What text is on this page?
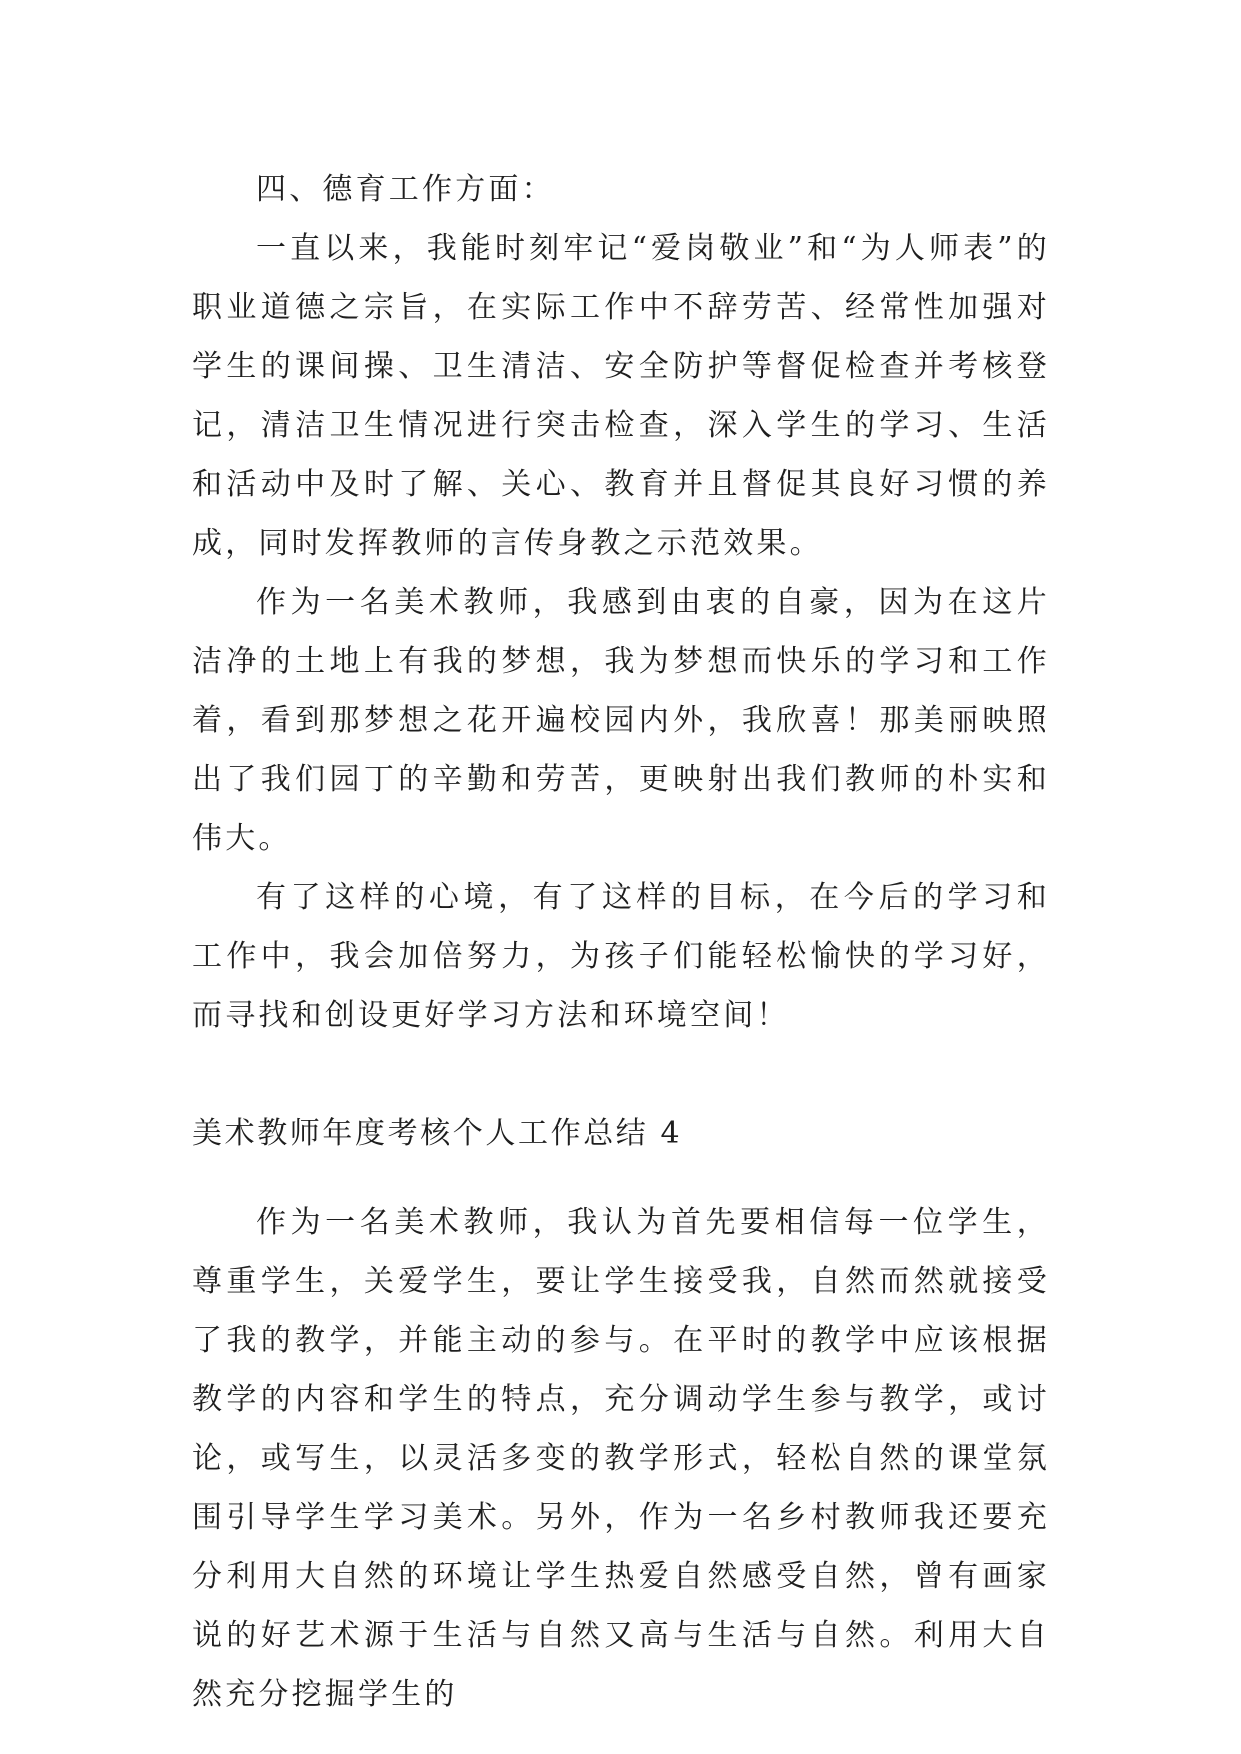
四、德育工作方面：

一直以来，我能时刻牢记“爱岗敬业”和“为人师表”的职业道德之宗旨，在实际工作中不辞劳苦、经常性加强对学生的课间操、卫生清洁、安全防护等督促检查并考核登记，清洁卫生情况进行突击检查，深入学生的学习、生活和活动中及时了解、关心、教育并且督促其良好习惯的养成，同时发挥教师的言传身教之示范效果。

作为一名美术教师，我感到由衷的自豪，因为在这片洁净的土地上有我的梦想，我为梦想而快乐的学习和工作着，看到那梦想之花开遍校园内外，我欣喜！那美丽映照出了我们园丁的辛勤和劳苦，更映射出我们教师的朴实和伟大。

有了这样的心境，有了这样的目标，在今后的学习和工作中，我会加倍努力，为孩子们能轻松愉快的学习好，而寻找和创设更好学习方法和环境空间！

美术教师年度考核个人工作总结 4

作为一名美术教师，我认为首先要相信每一位学生，尊重学生，关爱学生，要让学生接受我，自然而然就接受了我的教学，并能主动的参与。在平时的教学中应该根据教学的内容和学生的特点，充分调动学生参与教学，或讨论，或写生，以灵活多变的教学形式，轻松自然的课堂氛围引导学生学习美术。另外，作为一名乡村教师我还要充分利用大自然的环境让学生热爱自然感受自然，曾有画家说的好艺术源于生活与自然又高与生活与自然。利用大自然充分挖掘学生的
